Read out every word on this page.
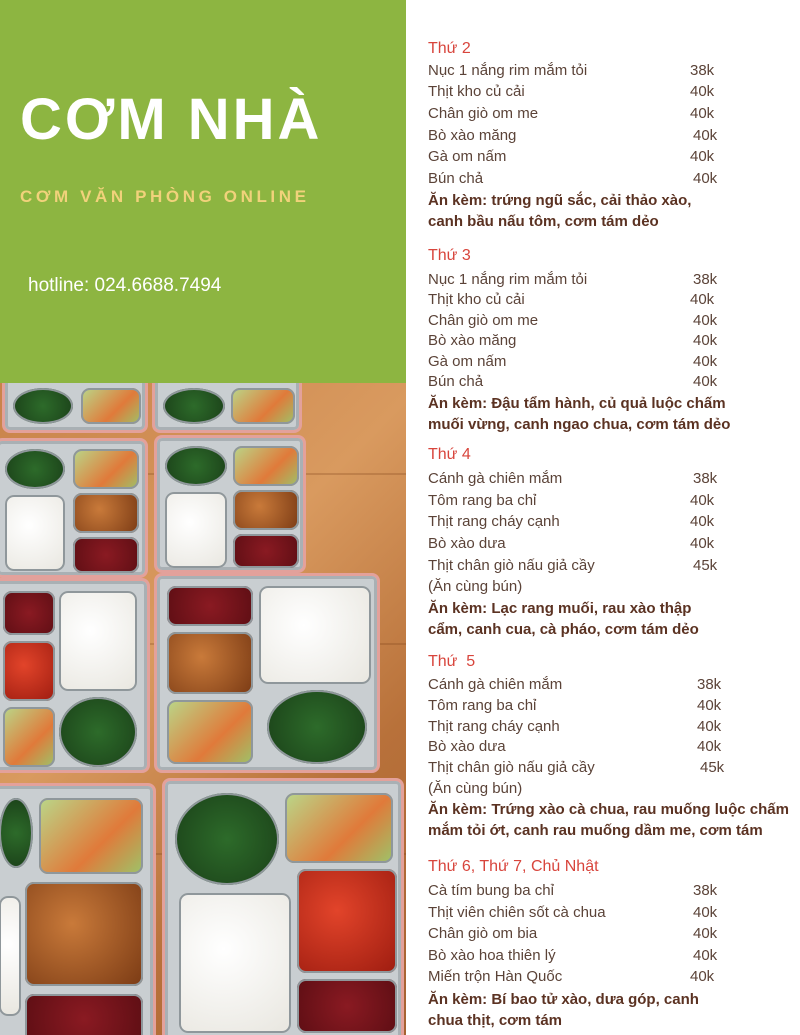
CƠM NHÀ
CƠM VĂN PHÒNG ONLINE
hotline: 024.6688.7494
Thứ 2
Nục 1 nắng rim mắm tỏi	38k
Thịt kho củ cải	40k
Chân giò om me	40k
Bò xào măng	40k
Gà om nấm	40k
Bún chả	40k
Ăn kèm: trứng ngũ sắc, cải thảo xào, canh bầu nấu tôm, cơm tám dẻo
Thứ 3
Nục 1 nắng rim mắm tỏi	38k
Thịt kho củ cải	40k
Chân giò om me	40k
Bò xào măng	40k
Gà om nấm	40k
Bún chả	40k
Ăn kèm: Đậu tẩm hành, củ quả luộc chấm muối vừng, canh ngao chua, cơm tám dẻo
Thứ 4
Cánh gà chiên mắm	38k
Tôm rang ba chỉ	40k
Thịt rang cháy cạnh	40k
Bò xào dưa	40k
Thịt chân giò nấu giả cầy	45k
(Ăn cùng bún)
Ăn kèm: Lạc rang muối, rau xào thập cẩm, canh cua, cà pháo, cơm tám dẻo
Thứ  5
Cánh gà chiên mắm	38k
Tôm rang ba chỉ	40k
Thịt rang cháy cạnh	40k
Bò xào dưa	40k
Thịt chân giò nấu giả cầy	45k
(Ăn cùng bún)
Ăn kèm: Trứng xào cà chua, rau muống luộc chấm mắm tỏi ớt, canh rau muống dầm me, cơm tám
Thứ 6, Thứ 7, Chủ Nhật
Cà tím bung ba chỉ	38k
Thịt viên chiên sốt cà chua	40k
Chân giò om bia	40k
Bò xào hoa thiên lý	40k
Miến trộn Hàn Quốc	40k
Ăn kèm: Bí bao tử xào, dưa góp, canh chua thịt, cơm tám
